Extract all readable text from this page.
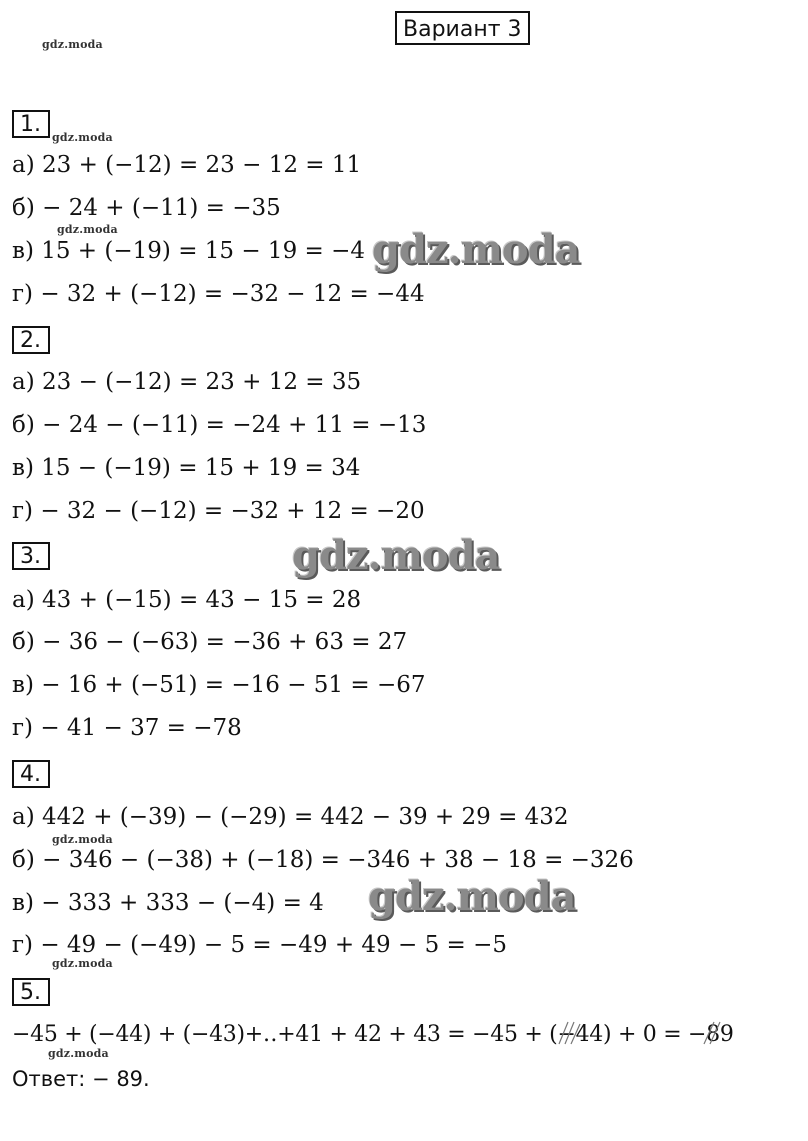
Вариант 3
gdz.moda
gdz.moda
gdz.moda
gdz.moda
gdz.moda
gdz.moda
1.
а) 23 + (−12) = 23 − 12 = 11
б) − 24 + (−11) = −35
в) 15 + (−19) = 15 − 19 = −4
г) − 32 + (−12) = −32 − 12 = −44
2.
а) 23 − (−12) = 23 + 12 = 35
б) − 24 − (−11) = −24 + 11 = −13
в) 15 − (−19) = 15 + 19 = 34
г) − 32 − (−12) = −32 + 12 = −20
3.
а) 43 + (−15) = 43 − 15 = 28
б) − 36 − (−63) = −36 + 63 = 27
в) − 16 + (−51) = −16 − 51 = −67
г) − 41 − 37 = −78
4.
а) 442 + (−39) − (−29) = 442 − 39 + 29 = 432
б) − 346 − (−38) + (−18) = −346 + 38 − 18 = −326
в) − 333 + 333 − (−4) = 4
г) − 49 − (−49) − 5 = −49 + 49 − 5 = −5
5.
−45 + (−44) + (−43)+‥+41 + 42 + 43 = −45 + (−44) + 0 = −89
Ответ: − 89.
gdz.moda
gdz.moda
gdz.moda
